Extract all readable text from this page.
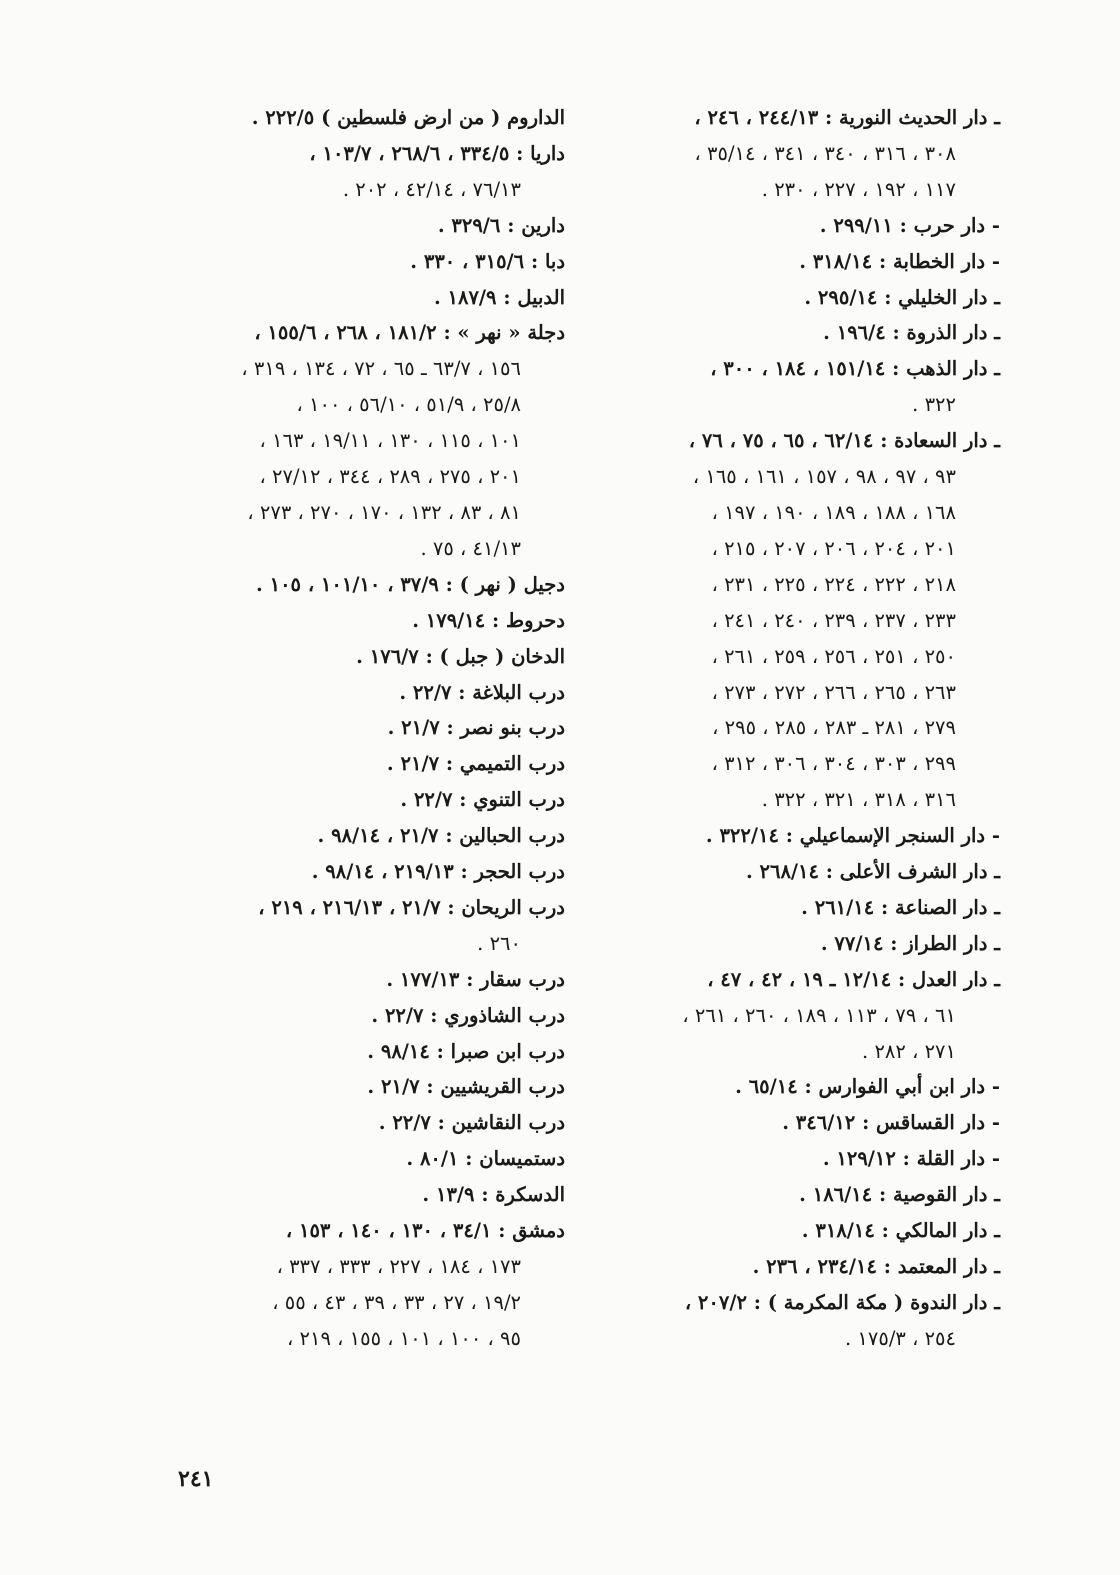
ـ دار الحديث النورية : ٢٤٤/١٣ ، ٢٤٦ ،

٣٠٨ ، ٣١٦ ، ٣٤٠ ، ٣٤١ ، ٣٥/١٤ ،

١١٧ ، ١٩٢ ، ٢٢٧ ، ٢٣٠ .

- دار حرب : ٢٩٩/١١ .

- دار الخطابة : ٣١٨/١٤ .

ـ دار الخليلي : ٢٩٥/١٤ .

ـ دار الذروة : ١٩٦/٤ .

ـ دار الذهب : ١٥١/١٤ ، ١٨٤ ، ٣٠٠ ،

٣٢٢ .

ـ دار السعادة : ٦٢/١٤ ، ٦٥ ، ٧٥ ، ٧٦ ،

٩٣ ، ٩٧ ، ٩٨ ، ١٥٧ ، ١٦١ ، ١٦٥ ،

١٦٨ ، ١٨٨ ، ١٨٩ ، ١٩٠ ، ١٩٧ ،

٢٠١ ، ٢٠٤ ، ٢٠٦ ، ٢٠٧ ، ٢١٥ ،

٢١٨ ، ٢٢٢ ، ٢٢٤ ، ٢٢٥ ، ٢٣١ ،

٢٣٣ ، ٢٣٧ ، ٢٣٩ ، ٢٤٠ ، ٢٤١ ،

٢٥٠ ، ٢٥١ ، ٢٥٦ ، ٢٥٩ ، ٢٦١ ،

٢٦٣ ، ٢٦٥ ، ٢٦٦ ، ٢٧٢ ، ٢٧٣ ،

٢٧٩ ، ٢٨١ ـ ٢٨٣ ، ٢٨٥ ، ٢٩٥ ،

٢٩٩ ، ٣٠٣ ، ٣٠٤ ، ٣٠٦ ، ٣١٢ ،

٣١٦ ، ٣١٨ ، ٣٢١ ، ٣٢٢ .

- دار السنجر الإسماعيلي : ٣٢٢/١٤ .

ـ دار الشرف الأعلى : ٢٦٨/١٤ .

ـ دار الصناعة : ٢٦١/١٤ .

ـ دار الطراز : ٧٧/١٤ .

ـ دار العدل : ١٢/١٤ ـ ١٩ ، ٤٢ ، ٤٧ ،

٦١ ، ٧٩ ، ١١٣ ، ١٨٩ ، ٢٦٠ ، ٢٦١ ،

٢٧١ ، ٢٨٢ .

- دار ابن أبي الفوارس : ٦٥/١٤ .

- دار القساقس : ٣٤٦/١٢ .

- دار القلة : ١٢٩/١٢ .

ـ دار القوصية : ١٨٦/١٤ .

ـ دار المالكي : ٣١٨/١٤ .

ـ دار المعتمد : ٢٣٤/١٤ ، ٢٣٦ .

ـ دار الندوة ( مكة المكرمة ) : ٢٠٧/٢ ،

٢٥٤ ، ١٧٥/٣ .

الداروم ( من ارض فلسطين ) ٢٢٢/٥ .

داريا : ٣٣٤/٥ ، ٢٦٨/٦ ، ١٠٣/٧ ،

٧٦/١٣ ، ٤٢/١٤ ، ٢٠٢ .

دارين : ٣٢٩/٦ .

دبا : ٣١٥/٦ ، ٣٣٠ .

الدبيل : ١٨٧/٩ .

دجلة « نهر » : ١٨١/٢ ، ٢٦٨ ، ١٥٥/٦ ،

١٥٦ ، ٦٣/٧ ـ ٦٥ ، ٧٢ ، ١٣٤ ، ٣١٩ ،

٢٥/٨ ، ٥١/٩ ، ٥٦/١٠ ، ١٠٠ ،

١٠١ ، ١١٥ ، ١٣٠ ، ١٩/١١ ، ١٦٣ ،

٢٠١ ، ٢٧٥ ، ٢٨٩ ، ٣٤٤ ، ٢٧/١٢ ،

٨١ ، ٨٣ ، ١٣٢ ، ١٧٠ ، ٢٧٠ ، ٢٧٣ ،

٤١/١٣ ، ٧٥ .

دجيل ( نهر ) : ٣٧/٩ ، ١٠١/١٠ ، ١٠٥ .

دحروط : ١٧٩/١٤ .

الدخان ( جبل ) : ١٧٦/٧ .

درب البلاغة : ٢٢/٧ .

درب بنو نصر : ٢١/٧ .

درب التميمي : ٢١/٧ .

درب التنوي : ٢٢/٧ .

درب الحبالين : ٢١/٧ ، ٩٨/١٤ .

درب الحجر : ٢١٩/١٣ ، ٩٨/١٤ .

درب الريحان : ٢١/٧ ، ٢١٦/١٣ ، ٢١٩ ،

٢٦٠ .

درب سقار : ١٧٧/١٣ .

درب الشاذوري : ٢٢/٧ .

درب ابن صبرا : ٩٨/١٤ .

درب القريشيين : ٢١/٧ .

درب النقاشين : ٢٢/٧ .

دستميسان : ٨٠/١ .

الدسكرة : ١٣/٩ .

دمشق : ٣٤/١ ، ١٣٠ ، ١٤٠ ، ١٥٣ ،

١٧٣ ، ١٨٤ ، ٢٢٧ ، ٣٣٣ ، ٣٣٧ ،

١٩/٢ ، ٢٧ ، ٣٣ ، ٣٩ ، ٤٣ ، ٥٥ ،

٩٥ ، ١٠٠ ، ١٠١ ، ١٥٥ ، ٢١٩ ،

٢٤١
